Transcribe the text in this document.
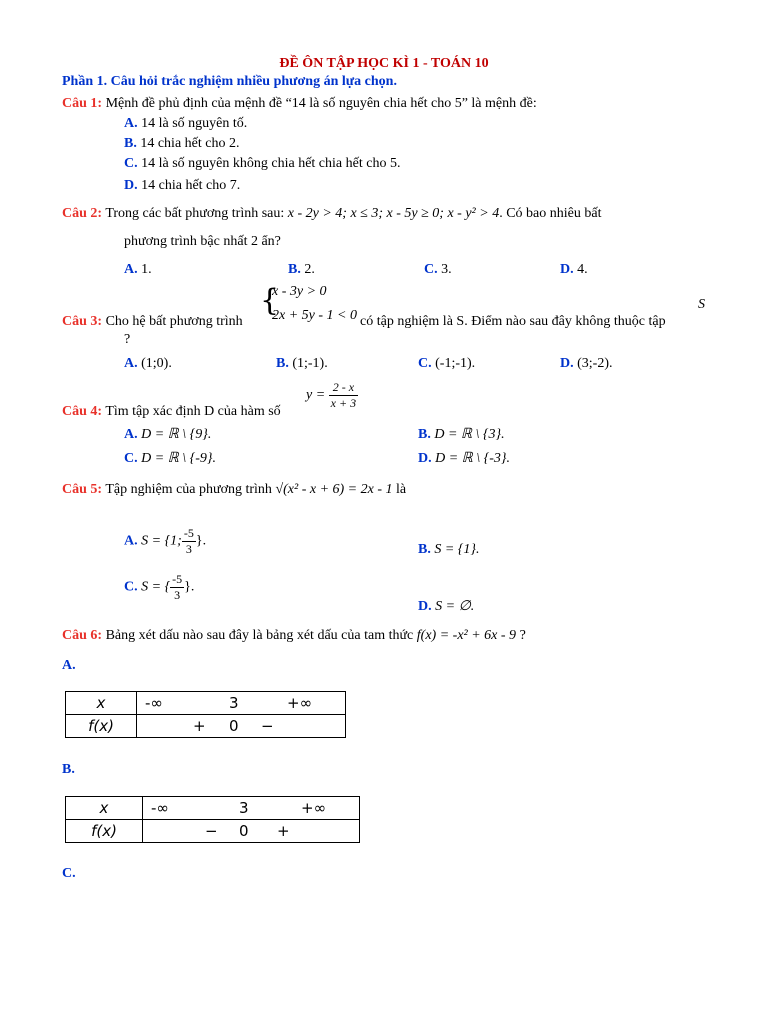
ĐỀ ÔN TẬP HỌC KÌ 1 - TOÁN 10
Phần 1. Câu hỏi trắc nghiệm nhiều phương án lựa chọn.
Câu 1: Mệnh đề phủ định của mệnh đề “14 là số nguyên chia hết cho 5” là mệnh đề:
A. 14 là số nguyên tố.
B. 14 chia hết cho 2.
C. 14 là số nguyên không chia hết chia hết cho 5.
D. 14 chia hết cho 7.
Câu 2: Trong các bất phương trình sau: x - 2y > 4; x ≤ 3; x - 5y ≥ 0; x - y² > 4. Có bao nhiêu bất
phương trình bậc nhất 2 ẩn?
A. 1.	B. 2.	C. 3.	D. 4.
{
x - 3y > 0
2x + 5y - 1 < 0
S
Câu 3: Cho hệ bất phương trình	có tập nghiệm là S. Điểm nào sau đây không thuộc tập
?
A. (1;0).	B. (1;-1).	C. (-1;-1).	D. (3;-2).
Câu 4: Tìm tập xác định D của hàm số
$y = \frac{2 - x}{x + 3}$
A. D = ℝ \ {9}.	B. D = ℝ \ {3}.
C. D = ℝ \ {-9}.	D. D = ℝ \ {-3}.
Câu 5: Tập nghiệm của phương trình √(x² - x + 6) = 2x - 1 là
A. S = {1; $\frac{-5}{3}$ }.
B. S = {1}.
C. S = { $\frac{-5}{3}$ }.
D. S = ∅.
Câu 6: Bảng xét dấu nào sau đây là bảng xét dấu của tam thức f(x) = -x² + 6x - 9 ?
A.
x	-∞ 3 +∞

f(x)	+ 0 −
B.
x	-∞ 3 +∞

f(x)	− 0 +
C.
